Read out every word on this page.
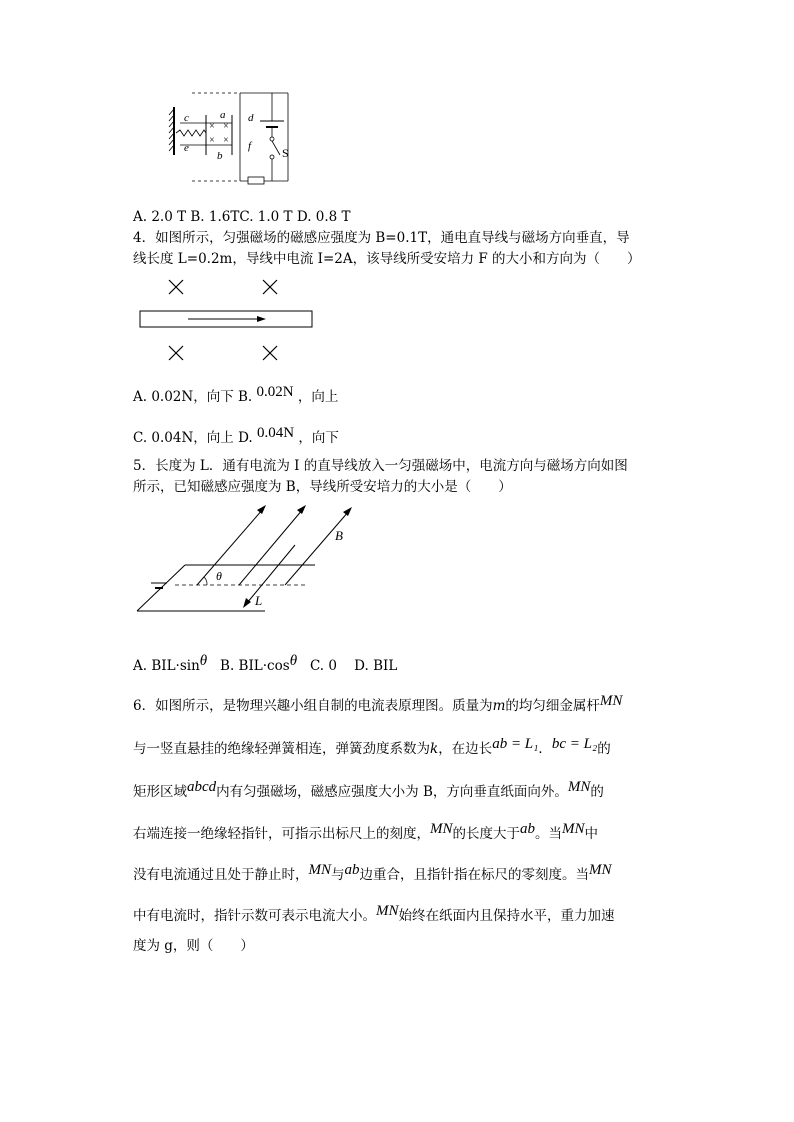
× ×
× ×
c
e
a
b
d
f	S
A. 2.0 T B. 1.6TC. 1.0 T D. 0.8 T
4．如图所示，匀强磁场的磁感应强度为 B=0.1T，通电直导线与磁场方向垂直，导
线长度 L=0.2m，导线中电流 I=2A，该导线所受安培力 F 的大小和方向为（　　）
A. 0.02N，向下 B. 0.02N ，向上
C. 0.04N，向上 D. 0.04N ，向下
5．长度为 L．通有电流为 I 的直导线放入一匀强磁场中，电流方向与磁场方向如图
所示，已知磁感应强度为 B，导线所受安培力的大小是（　　）
θ
B
L
A. BIL·sinθ B. BIL·cosθ C. 0 D. BIL
6．如图所示，是物理兴趣小组自制的电流表原理图。质量为m的均匀细金属杆MN
与一竖直悬挂的绝缘轻弹簧相连，弹簧劲度系数为k，在边长ab = L₁．bc = L₂的
矩形区域abcd内有匀强磁场，磁感应强度大小为 B，方向垂直纸面向外。MN的
右端连接一绝缘轻指针，可指示出标尺上的刻度，MN的长度大于ab。当MN中
没有电流通过且处于静止时，MN与ab边重合，且指针指在标尺的零刻度。当MN
中有电流时，指针示数可表示电流大小。MN始终在纸面内且保持水平，重力加速
度为 g，则（　　）
